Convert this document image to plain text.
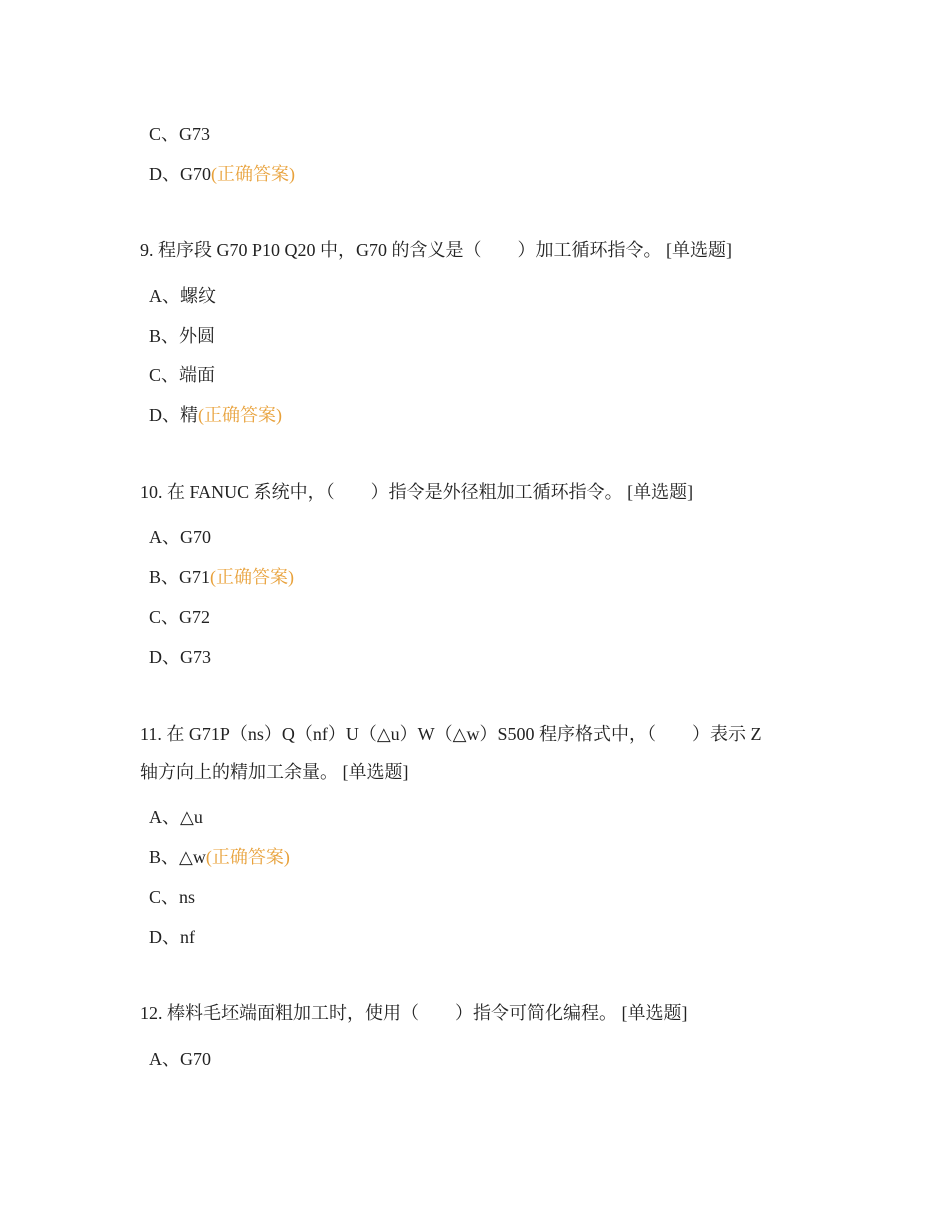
C、G73
D、G70(正确答案)
9. 程序段 G70 P10 Q20 中，G70 的含义是（　　）加工循环指令。 [单选题]
A、螺纹
B、外圆
C、端面
D、精(正确答案)
10. 在 FANUC 系统中，（　　）指令是外径粗加工循环指令。 [单选题]
A、G70
B、G71(正确答案)
C、G72
D、G73
11. 在 G71P（ns）Q（nf）U（△u）W（△w）S500 程序格式中，（　　）表示 Z
轴方向上的精加工余量。 [单选题]
A、△u
B、△w(正确答案)
C、ns
D、nf
12. 棒料毛坯端面粗加工时，使用（　　）指令可简化编程。 [单选题]
A、G70
